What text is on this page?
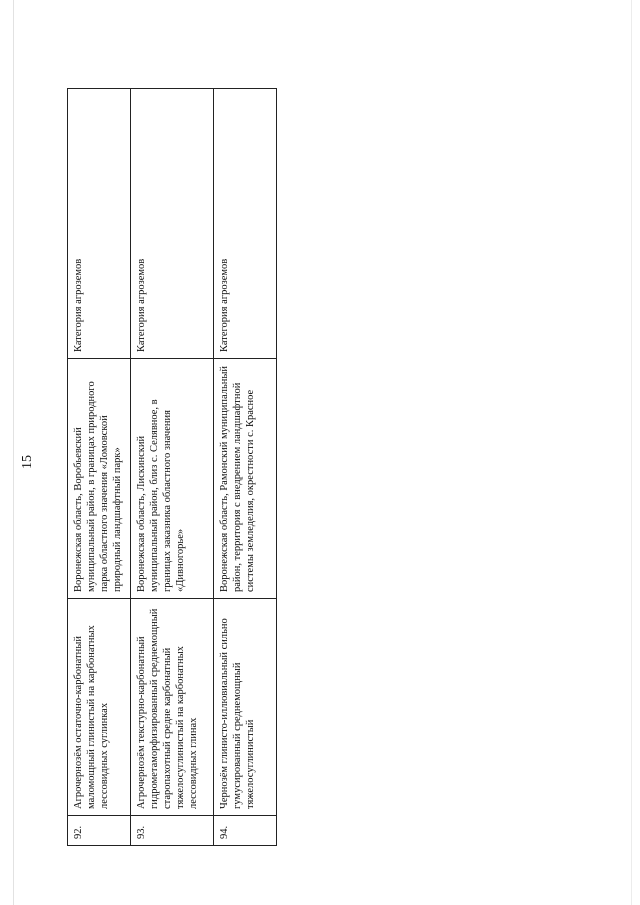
15
92.	Агрочернозём остаточно-карбонатный маломощный глинистый на карбонатных лессовидных суглинках	Воронежская область, Воробьевский муниципальный район, в границах природного парка областного значения «Ломовской природный ландшафтный парк»	Категория агроземов
93.	Агрочернозём текстурно-карбонатный гидрометаморфизированный среднемощный старопахотный средне карбонатный тяжелосуглинистый на карбонатных лессовидных глинах	Воронежская область, Лискинский муниципальный район, близ с. Селявное, в границах заказника областного значения «Дивногорье»	Категория агроземов
94.	Чернозём глинисто-иллювиальный сильно гумусированный среднемощный тяжелосуглинистый	Воронежская область, Рамонский муниципальный район, территория с внедрением ландшафтной системы земледелия, окрестности с. Красное	Категория агроземов
